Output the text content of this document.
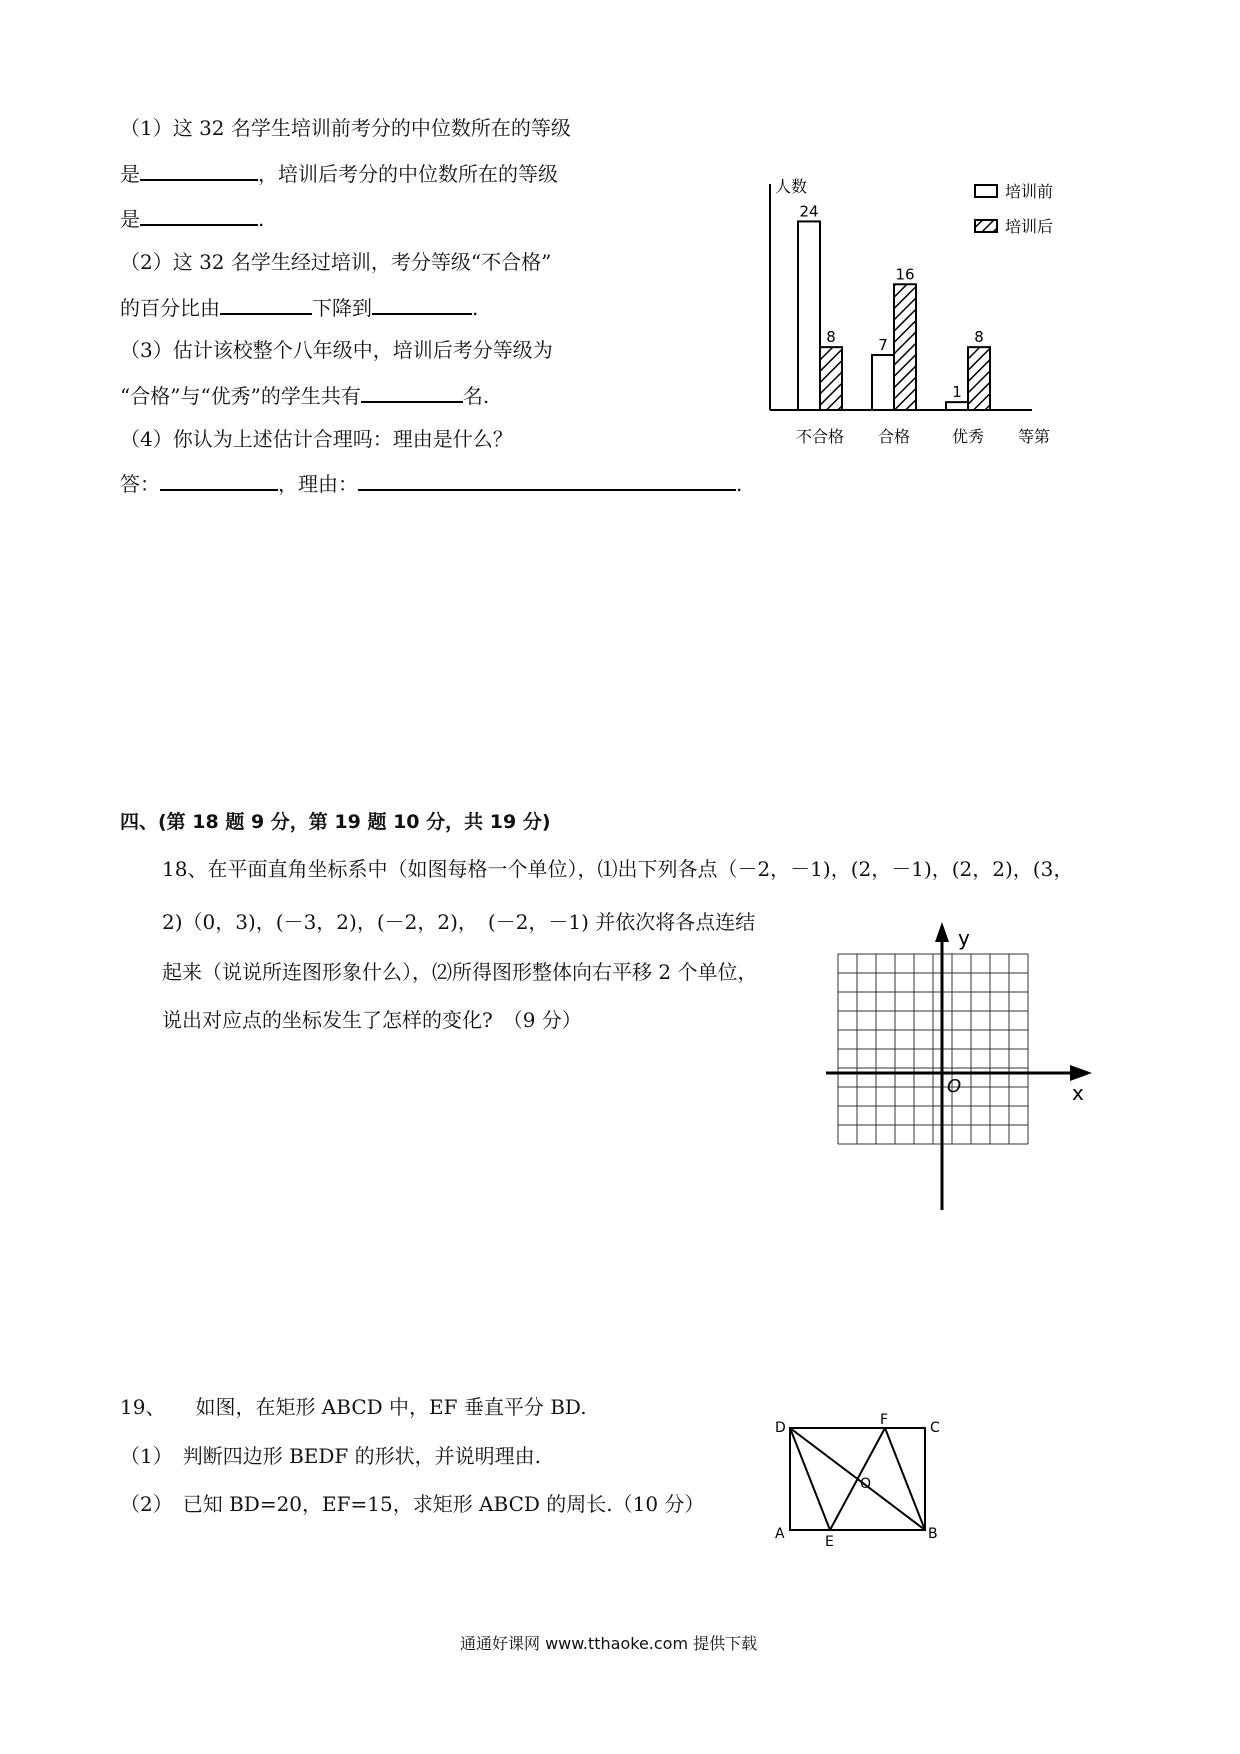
（1）这 32 名学生培训前考分的中位数所在的等级
是	，培训后考分的中位数所在的等级
是	.
（2）这 32 名学生经过培训，考分等级“不合格”
的百分比由	下降到	.
（3）估计该校整个八年级中，培训后考分等级为
“合格”与“优秀”的学生共有	名.
（4）你认为上述估计合理吗：理由是什么？
答：	，理由：	.
人数
等第
24
8
不合格
7
16
合格
1
8
优秀
培训前
培训后
四、(第 18 题 9 分，第 19 题 10 分，共 19 分)
18、在平面直角坐标系中（如图每格一个单位），⑴出下列各点（－2，－1)，(2，－1)，(2，2)，(3，
2)（0，3)，(－3，2)，(－2，2)，　(－2，－1) 并依次将各点连结
起来（说说所连图形象什么），⑵所得图形整体向右平移 2 个单位，
说出对应点的坐标发生了怎样的变化?　（9 分）
y
x
O
19、　　如图，在矩形 ABCD 中，EF 垂直平分 BD.
（1）　判断四边形 BEDF 的形状，并说明理由.
（2）　已知 BD=20，EF=15，求矩形 ABCD 的周长.（10 分）
D	F	C
O
A	E	B
通通好课网 www.tthaoke.com 提供下载
